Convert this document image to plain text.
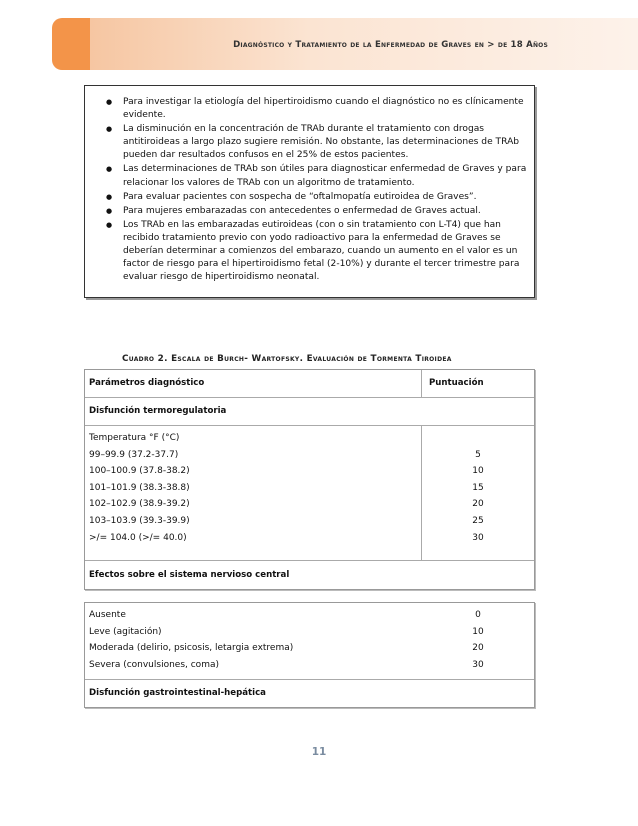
Diagnóstico y Tratamiento de la Enfermedad de Graves en > de 18 Años
● Para investigar la etiología del hipertiroidismo cuando el diagnóstico no es clínicamente evidente.
● La disminución en la concentración de TRAb durante el tratamiento con drogas antitiroideas a largo plazo sugiere remisión. No obstante, las determinaciones de TRAb pueden dar resultados confusos en el 25% de estos pacientes.
● Las determinaciones de TRAb son útiles para diagnosticar enfermedad de Graves y para relacionar los valores de TRAb con un algoritmo de tratamiento.
● Para evaluar pacientes con sospecha de “oftalmopatía eutiroidea de Graves”.
● Para mujeres embarazadas con antecedentes o enfermedad de Graves actual.
● Los TRAb en las embarazadas eutiroideas (con o sin tratamiento con L-T4) que han recibido tratamiento previo con yodo radioactivo para la enfermedad de Graves se deberían determinar a comienzos del embarazo, cuando un aumento en el valor es un factor de riesgo para el hipertiroidismo fetal (2-10%) y durante el tercer trimestre para evaluar riesgo de hipertiroidismo neonatal.
Cuadro 2. Escala de Burch- Wartofsky. Evaluación de Tormenta Tiroidea
Parámetros diagnóstico	Puntuación
Disfunción termoregulatoria
Temperatura °F (°C)
99–99.9 (37.2-37.7)
100–100.9 (37.8-38.2)
101–101.9 (38.3-38.8)
102–102.9 (38.9-39.2)
103–103.9 (39.3-39.9)
>/= 104.0 (>/= 40.0)
5
10
15
20
25
30
Efectos sobre el sistema nervioso central
Ausente
Leve (agitación)
Moderada (delirio, psicosis, letargia extrema)
Severa (convulsiones, coma)
0
10
20
30
Disfunción gastrointestinal-hepática
11
